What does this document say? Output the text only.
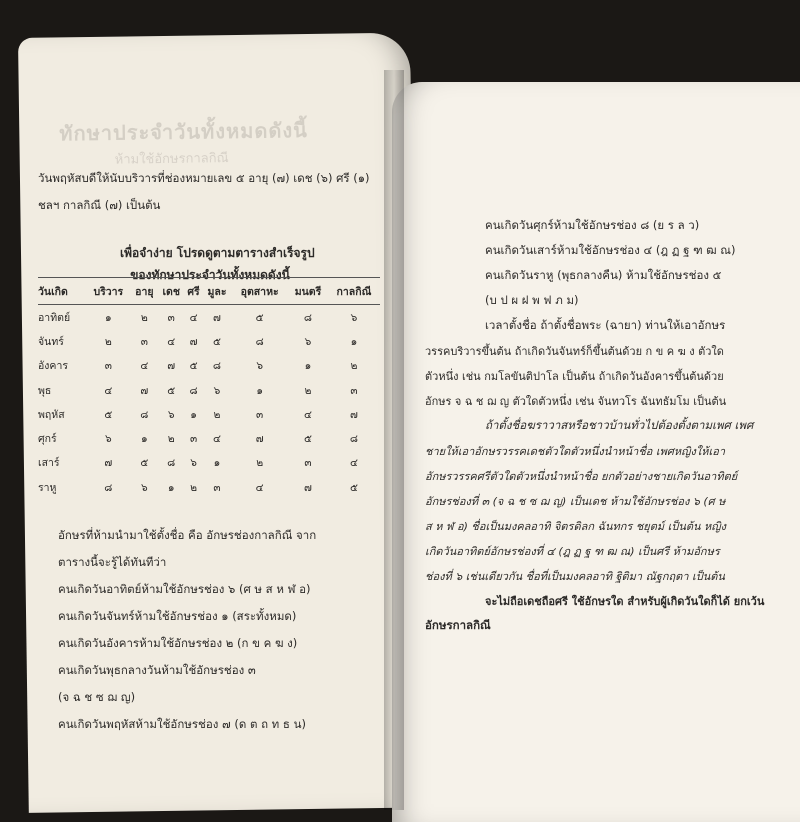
ทักษาประจำวันทั้งหมดดังนี้
ห้ามใช้อักษรกาลกิณี
วันพฤหัสบดีให้นับบริวารที่ช่องหมายเลข ๕ อายุ (๗) เดช (๖) ศรี (๑)
ชลฯ กาลกิณี (๗) เป็นต้น
เพื่อจำง่าย โปรดดูตามตารางสำเร็จรูป
ของทักษาประจำวันทั้งหมดดังนี้
วันเกิด	บริวาร	อายุ	เดช	ศรี	มูละ	อุตสาหะ	มนตรี	กาลกิณี
อาทิตย์	๑	๒	๓	๔	๗	๕	๘	๖
จันทร์	๒	๓	๔	๗	๕	๘	๖	๑
อังคาร	๓	๔	๗	๕	๘	๖	๑	๒
พุธ	๔	๗	๕	๘	๖	๑	๒	๓
พฤหัส	๕	๘	๖	๑	๒	๓	๔	๗
ศุกร์	๖	๑	๒	๓	๔	๗	๕	๘
เสาร์	๗	๕	๘	๖	๑	๒	๓	๔
ราหู	๘	๖	๑	๒	๓	๔	๗	๕
อักษรที่ห้ามนำมาใช้ตั้งชื่อ คือ อักษรช่องกาลกิณี จาก
ตารางนี้จะรู้ได้ทันทีว่า
คนเกิดวันอาทิตย์ห้ามใช้อักษรช่อง ๖ (ศ ษ ส ห ฬ อ)
คนเกิดวันจันทร์ห้ามใช้อักษรช่อง ๑ (สระทั้งหมด)
คนเกิดวันอังคารห้ามใช้อักษรช่อง ๒ (ก ข ค ฆ ง)
คนเกิดวันพุธกลางวันห้ามใช้อักษรช่อง ๓
(จ ฉ ช ซ ฌ ญ)
คนเกิดวันพฤหัสห้ามใช้อักษรช่อง ๗ (ด ต ถ ท ธ น)
คนเกิดวันศุกร์ห้ามใช้อักษรช่อง ๘ (ย ร ล ว)
คนเกิดวันเสาร์ห้ามใช้อักษรช่อง ๔ (ฎ ฏ ฐ ฑ ฒ ณ)
คนเกิดวันราหู (พุธกลางคืน) ห้ามใช้อักษรช่อง ๕
(บ ป ผ ฝ พ ฟ ภ ม)
เวลาตั้งชื่อ ถ้าตั้งชื่อพระ (ฉายา) ท่านให้เอาอักษร
วรรคบริวารขึ้นต้น ถ้าเกิดวันจันทร์ก็ขึ้นต้นด้วย ก ข ค ฆ ง ตัวใด
ตัวหนึ่ง เช่น กมโลขันติปาโล เป็นต้น ถ้าเกิดวันอังคารขึ้นต้นด้วย
อักษร จ ฉ ช ฌ ญ ตัวใดตัวหนึ่ง เช่น จันทวโร ฉันทธัมโม เป็นต้น
ถ้าตั้งชื่อฆราวาสหรือชาวบ้านทั่วไปต้องตั้งตามเพศ เพศ
ชายให้เอาอักษรวรรคเดชตัวใดตัวหนึ่งนำหน้าชื่อ เพศหญิงให้เอา
อักษรวรรคศรีตัวใดตัวหนึ่งนำหน้าชื่อ ยกตัวอย่างชายเกิดวันอาทิตย์
อักษรช่องที่ ๓ (จ ฉ ช ซ ฌ ญ) เป็นเดช ห้ามใช้อักษรช่อง ๖ (ศ ษ
ส ห ฬ อ) ชื่อเป็นมงคลอาทิ จิตรดิลก ฉันทกร ชยุตม์ เป็นต้น หญิง
เกิดวันอาทิตย์อักษรช่องที่ ๔ (ฎ ฏ ฐ ฑ ฒ ณ) เป็นศรี ห้ามอักษร
ช่องที่ ๖ เช่นเดียวกัน ชื่อที่เป็นมงคลอาทิ ฐิติมา ณัฐกฤตา เป็นต้น
จะไม่ถือเดชถือศรี ใช้อักษรใด สำหรับผู้เกิดวันใดก็ได้ ยกเว้น
อักษรกาลกิณี
